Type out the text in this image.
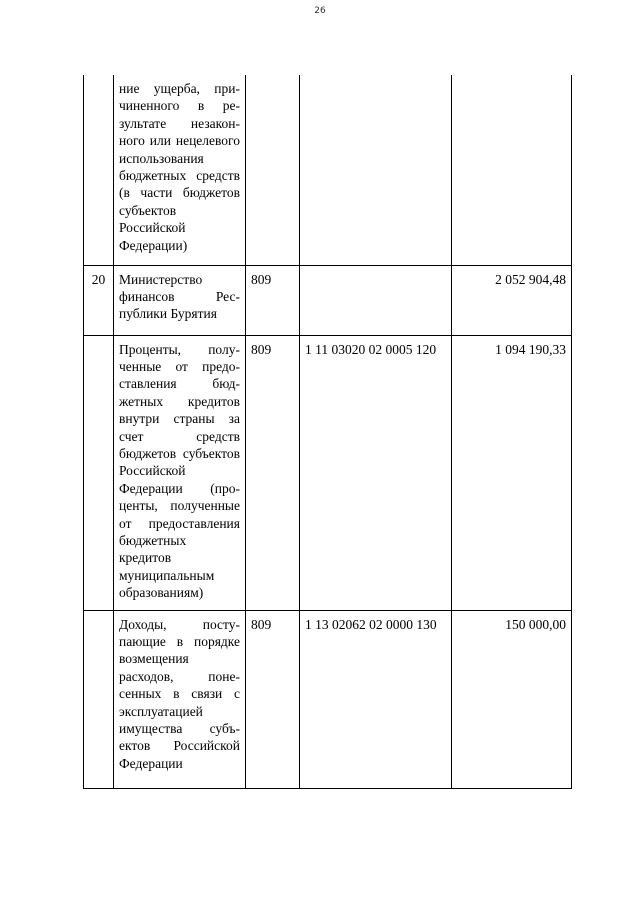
26
	ние ущерба, причиненного в результате незаконного или нецелевого использования бюджетных средств (в части бюджетов субъектов Российской Федерации)			
20	Министерство финансов Республики Бурятия	809		2 052 904,48
	Проценты, полученные от предоставления бюджетных кредитов внутри страны за счет средств бюджетов субъектов Российской Федерации (проценты, полученные от предоставления бюджетных кредитов муниципальным образованиям)	809	1 11 03020 02 0005 120	1 094 190,33
	Доходы, поступающие в порядке возмещения расходов, понесенных в связи с эксплуатацией имущества субъектов Российской Федерации	809	1 13 02062 02 0000 130	150 000,00
